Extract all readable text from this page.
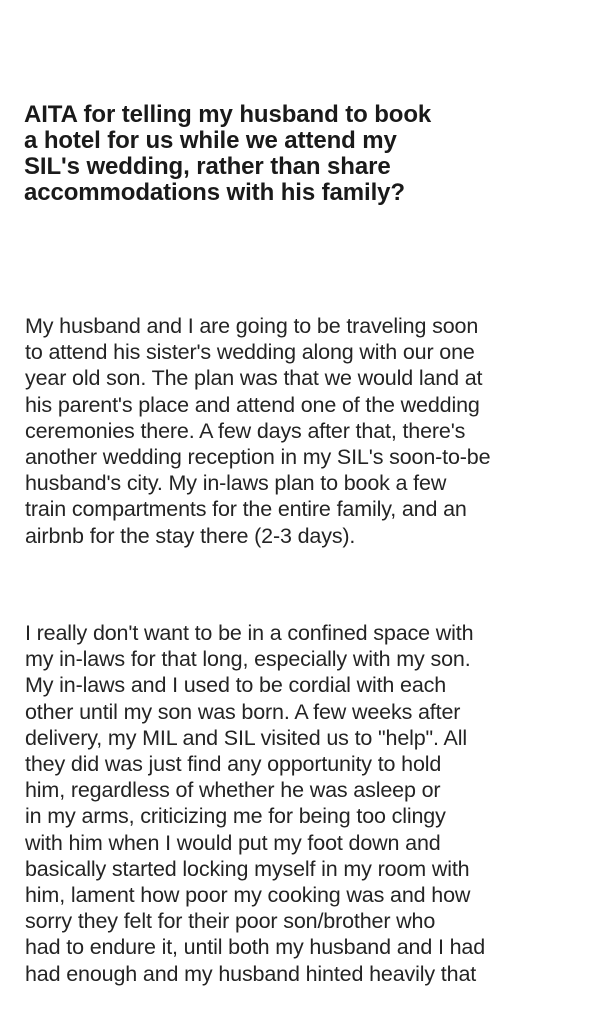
AITA for telling my husband to book
a hotel for us while we attend my
SIL's wedding, rather than share
accommodations with his family?

My husband and I are going to be traveling soon
to attend his sister's wedding along with our one
year old son. The plan was that we would land at
his parent's place and attend one of the wedding
ceremonies there. A few days after that, there's
another wedding reception in my SIL's soon-to-be
husband's city. My in-laws plan to book a few
train compartments for the entire family, and an
airbnb for the stay there (2-3 days).

I really don't want to be in a confined space with
my in-laws for that long, especially with my son.
My in-laws and I used to be cordial with each
other until my son was born. A few weeks after
delivery, my MIL and SIL visited us to "help". All
they did was just find any opportunity to hold
him, regardless of whether he was asleep or
in my arms, criticizing me for being too clingy
with him when I would put my foot down and
basically started locking myself in my room with
him, lament how poor my cooking was and how
sorry they felt for their poor son/brother who
had to endure it, until both my husband and I had
had enough and my husband hinted heavily that
